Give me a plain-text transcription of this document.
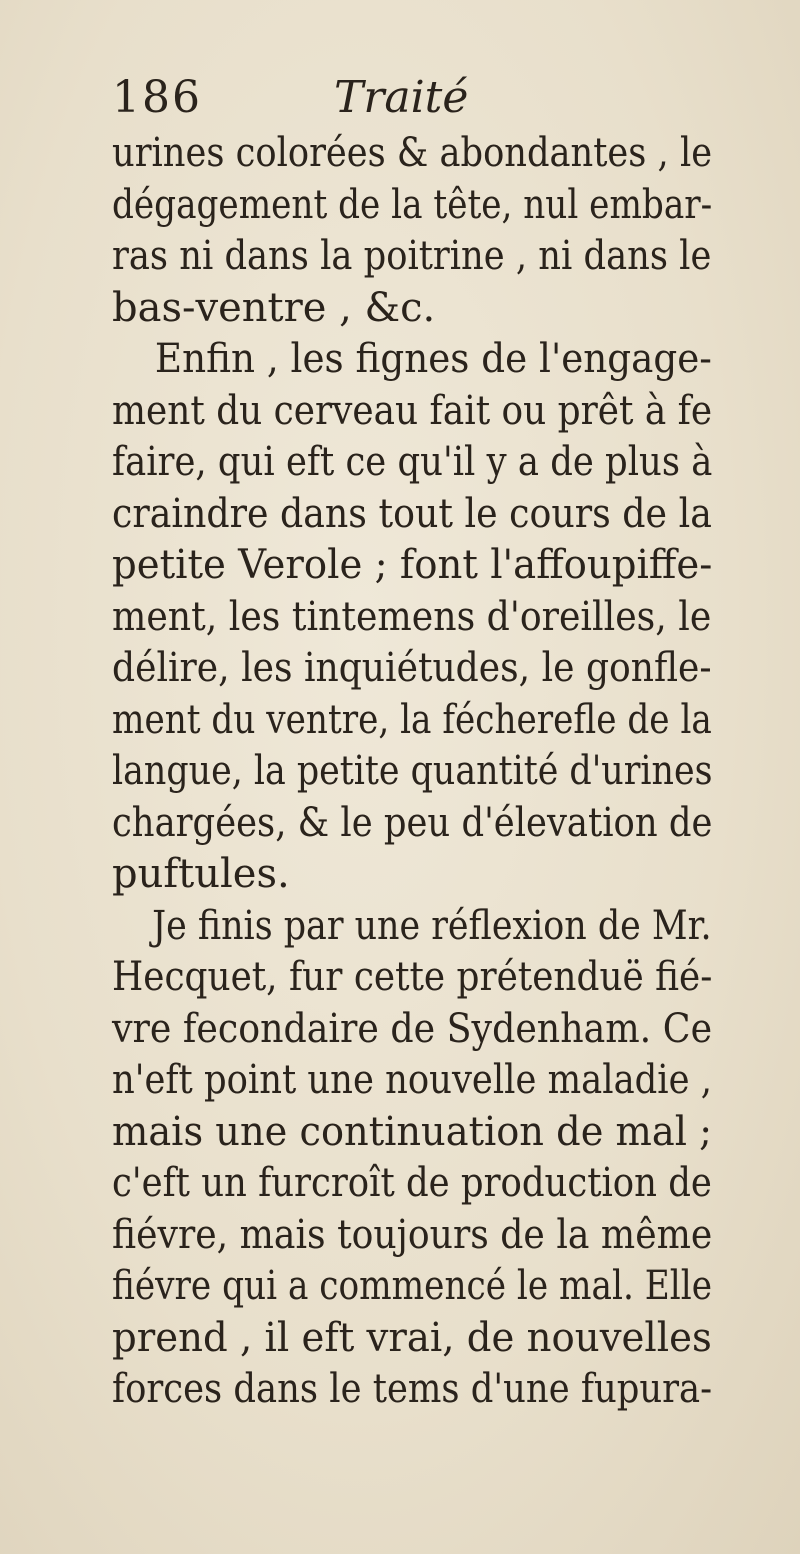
186	Traité
urines colorées & abondantes , le
dégagement de la tête, nul embar-
ras ni dans la poitrine , ni dans le
bas-ventre , &c.
Enfin , les fignes de l'engage-
ment du cerveau fait ou prêt à fe
faire, qui eft ce qu'il y a de plus à
craindre dans tout le cours de la
petite Verole ; font l'affoupiffe-
ment, les tintemens d'oreilles, le
délire, les inquiétudes, le gonfle-
ment du ventre, la fécherefle de la
langue, la petite quantité d'urines
chargées, & le peu d'élevation de
puftules.
Je finis par une réflexion de Mr.
Hecquet, fur cette prétenduë fié-
vre fecondaire de Sydenham. Ce
n'eft point une nouvelle maladie ,
mais une continuation de mal ;
c'eft un furcroît de production de
fiévre, mais toujours de la même
fiévre qui a commencé le mal. Elle
prend , il eft vrai, de nouvelles
forces dans le tems d'une fupura-
